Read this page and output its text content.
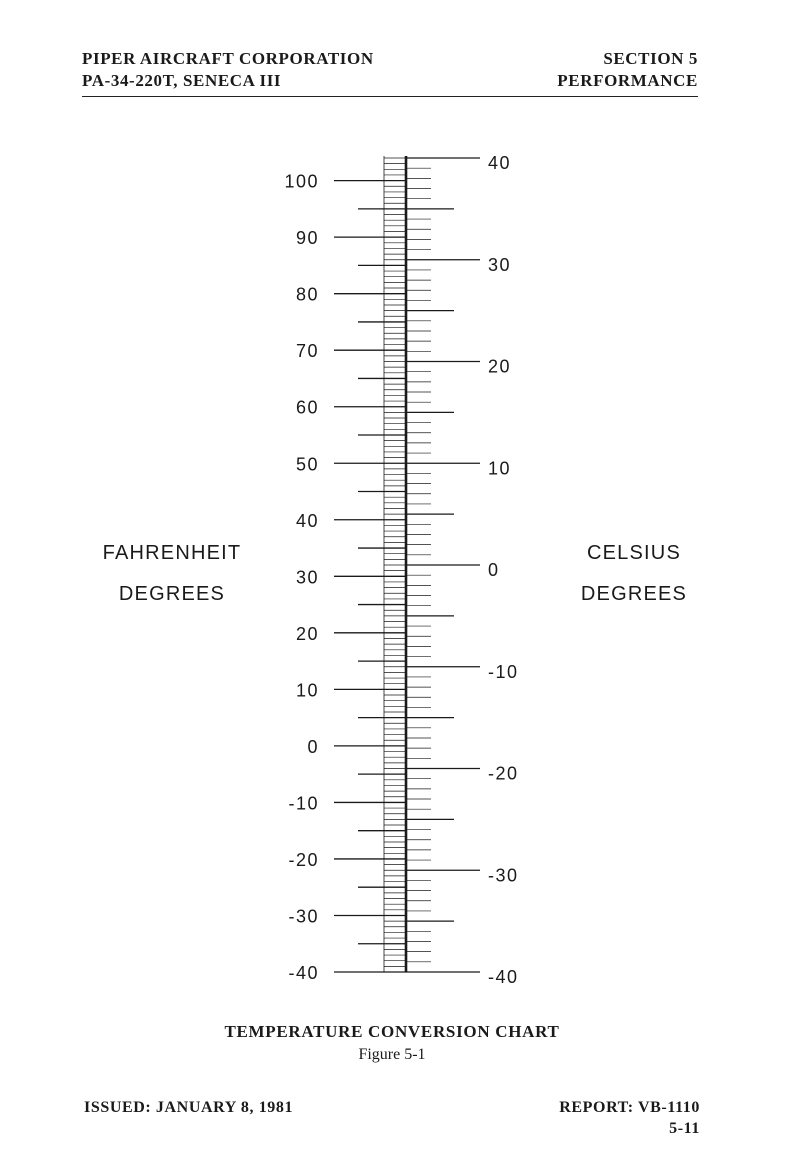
PIPER AIRCRAFT CORPORATION
PA-34-220T, SENECA III
SECTION 5
PERFORMANCE
FAHRENHEIT
DEGREES
CELSIUS
DEGREES
100
90
80
70
60
50
40
30
20
10
0
-10
-20
-30
-40
40
30
20
10
0
-10
-20
-30
-40
TEMPERATURE CONVERSION CHART
Figure 5-1
ISSUED: JANUARY 8, 1981	REPORT: VB-1110
5-11
